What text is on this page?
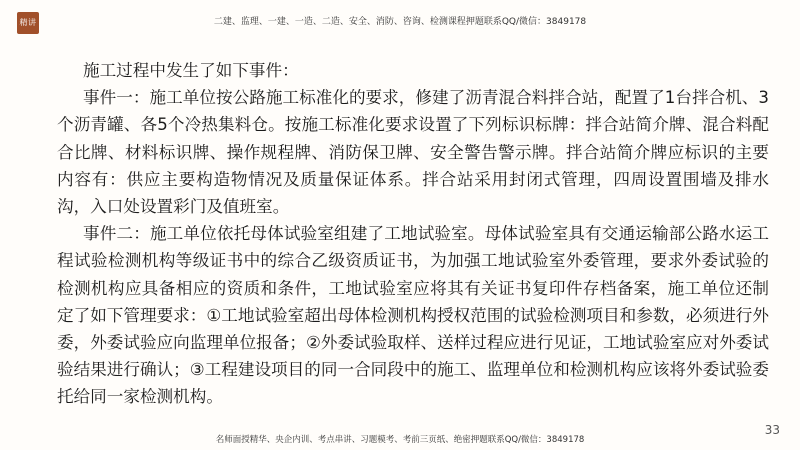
精讲	二建、监理、一建、一造、二造、安全、消防、咨询、检测课程押题联系QQ/微信：3849178

施工过程中发生了如下事件：

事件一：施工单位按公路施工标准化的要求，修建了沥青混合料拌合站，配置了1台拌合机、3个沥青罐、各5个冷热集料仓。按施工标准化要求设置了下列标识标牌：拌合站简介牌、混合料配合比牌、材料标识牌、操作规程牌、消防保卫牌、安全警告警示牌。拌合站简介牌应标识的主要内容有：供应主要构造物情况及质量保证体系。拌合站采用封闭式管理，四周设置围墙及排水沟，入口处设置彩门及值班室。

事件二：施工单位依托母体试验室组建了工地试验室。母体试验室具有交通运输部公路水运工程试验检测机构等级证书中的综合乙级资质证书，为加强工地试验室外委管理，要求外委试验的检测机构应具备相应的资质和条件，工地试验室应将其有关证书复印件存档备案，施工单位还制定了如下管理要求：①工地试验室超出母体检测机构授权范围的试验检测项目和参数，必须进行外委，外委试验应向监理单位报备；②外委试验取样、送样过程应进行见证，工地试验室应对外委试验结果进行确认；③工程建设项目的同一合同段中的施工、监理单位和检测机构应该将外委试验委托给同一家检测机构。

名师面授精华、央企内训、考点串讲、习题模考、考前三页纸、绝密押题联系QQ/微信：3849178
33
